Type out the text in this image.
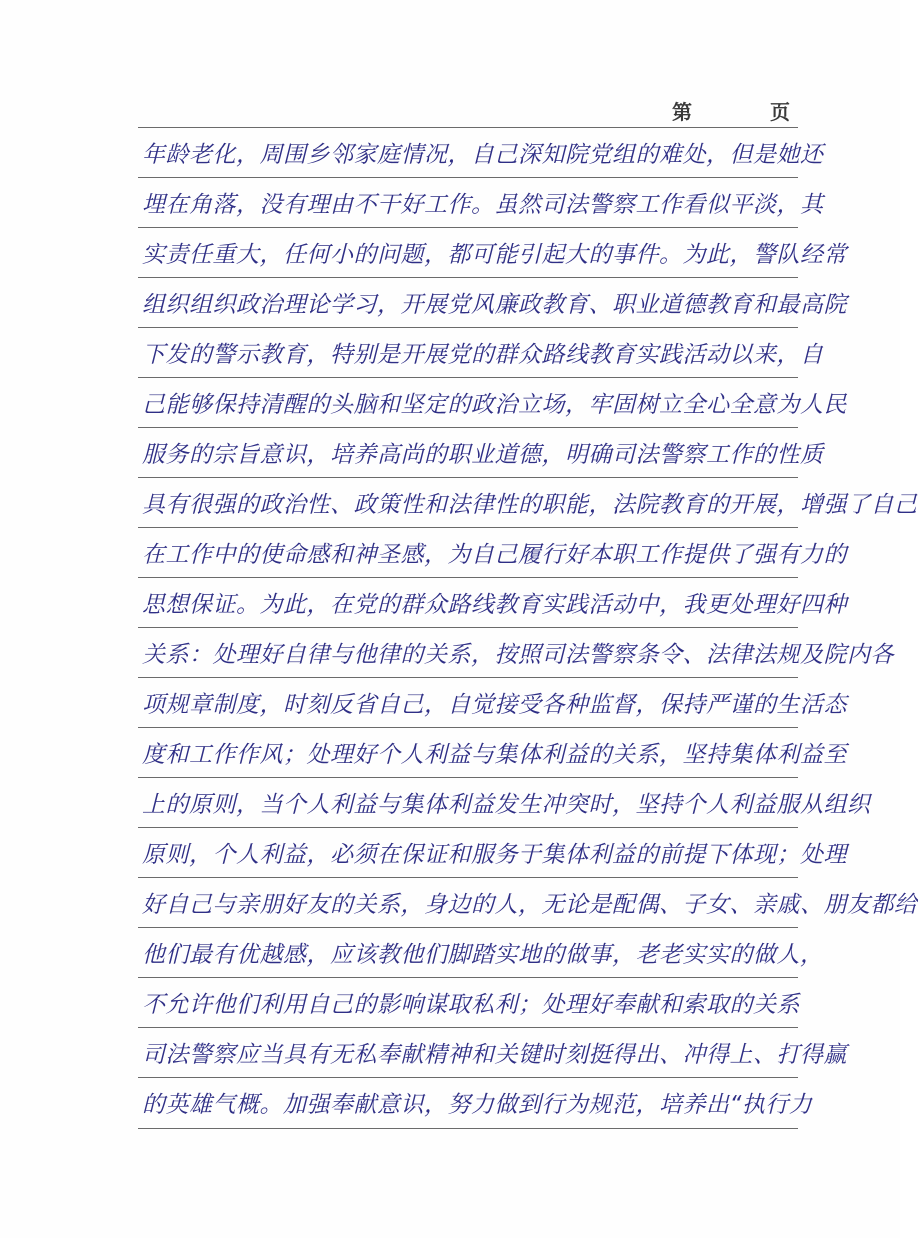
第	页
年龄老化，周围乡邻家庭情况，自己深知院党组的难处，但是她还
埋在角落，没有理由不干好工作。虽然司法警察工作看似平淡，其
实责任重大，任何小的问题，都可能引起大的事件。为此，警队经常
组织组织政治理论学习，开展党风廉政教育、职业道德教育和最高院
下发的警示教育，特别是开展党的群众路线教育实践活动以来，自
己能够保持清醒的头脑和坚定的政治立场，牢固树立全心全意为人民
服务的宗旨意识，培养高尚的职业道德，明确司法警察工作的性质
具有很强的政治性、政策性和法律性的职能，法院教育的开展，增强了自己
在工作中的使命感和神圣感，为自己履行好本职工作提供了强有力的
思想保证。为此，在党的群众路线教育实践活动中，我更处理好四种
关系：处理好自律与他律的关系，按照司法警察条令、法律法规及院内各
项规章制度，时刻反省自己，自觉接受各种监督，保持严谨的生活态
度和工作作风；处理好个人利益与集体利益的关系，坚持集体利益至
上的原则，当个人利益与集体利益发生冲突时，坚持个人利益服从组织
原则，个人利益，必须在保证和服务于集体利益的前提下体现；处理
好自己与亲朋好友的关系，身边的人，无论是配偶、子女、亲戚、朋友都给
他们最有优越感，应该教他们脚踏实地的做事，老老实实的做人，
不允许他们利用自己的影响谋取私利；处理好奉献和索取的关系
司法警察应当具有无私奉献精神和关键时刻挺得出、冲得上、打得赢
的英雄气概。加强奉献意识，努力做到行为规范，培养出“执行力
